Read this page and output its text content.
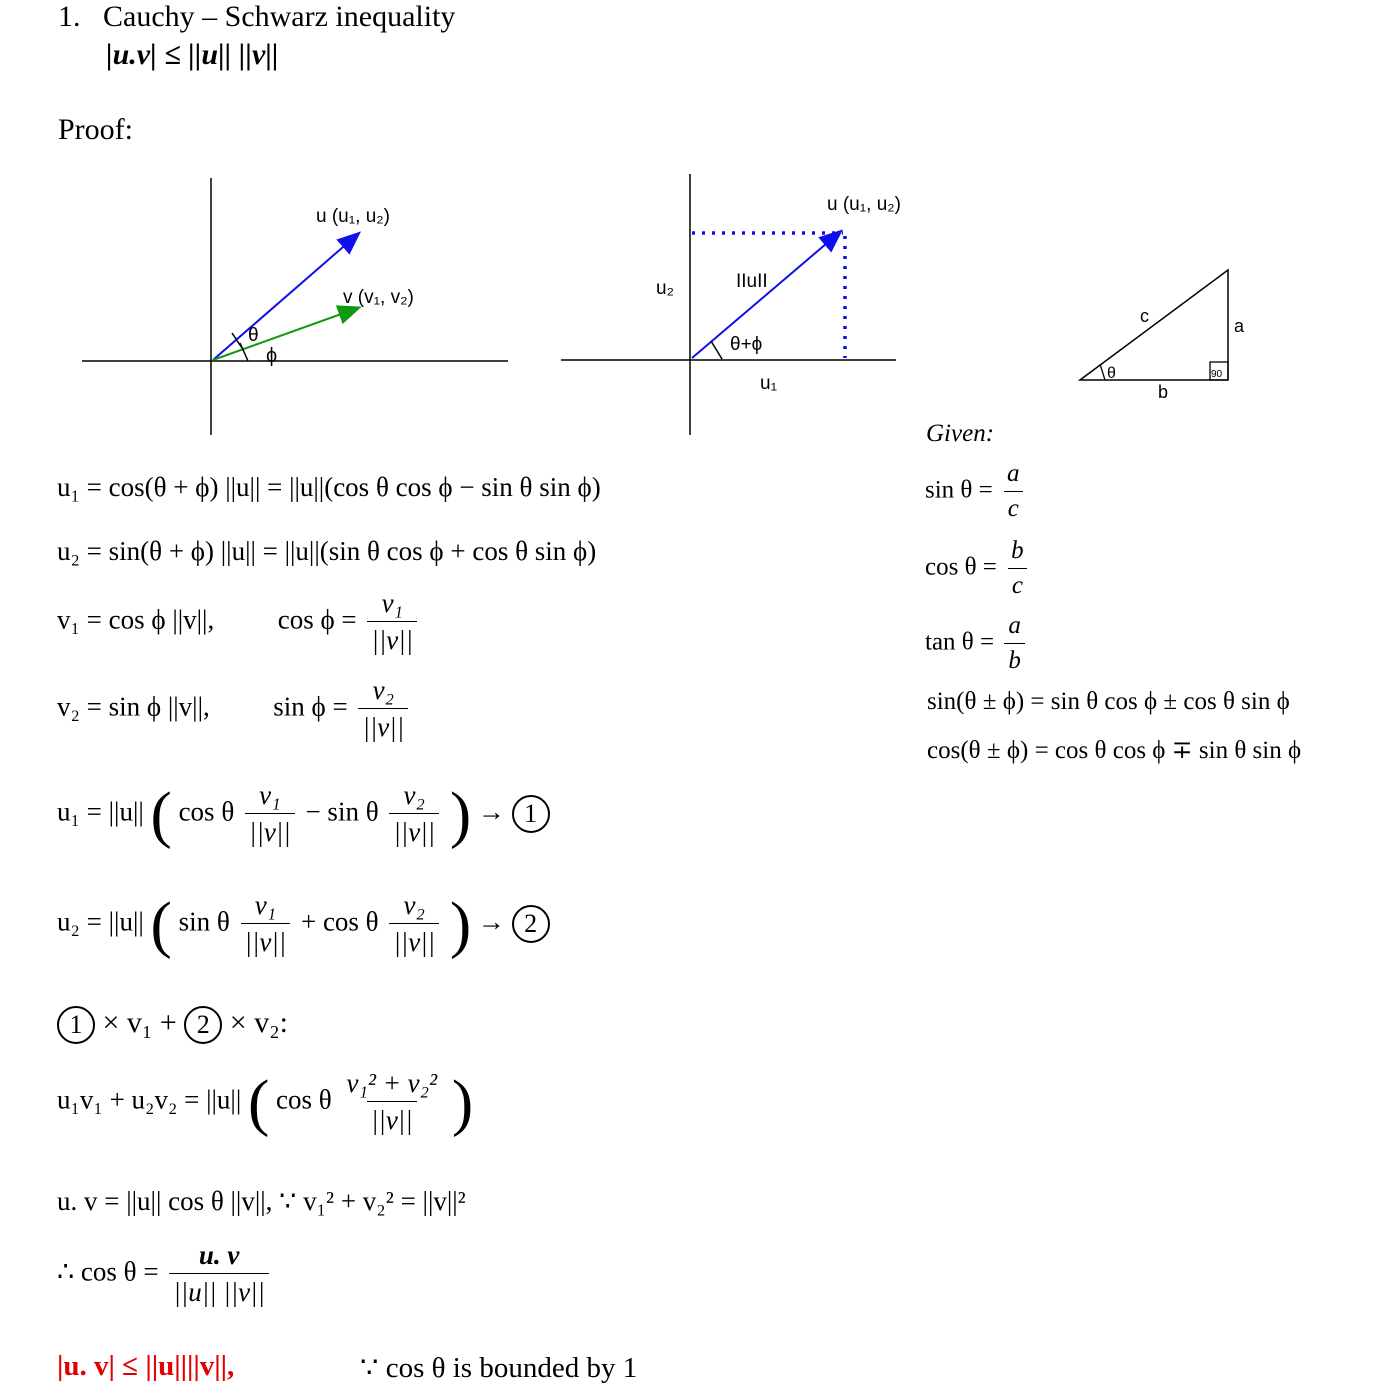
1. Cauchy – Schwarz inequality
|u.v| ≤ ||u|| ||v||
Proof:
u (u₁, u₂)
v (v₁, v₂)
θ
ϕ
u (u₁, u₂)
u₂	IIuII
θ+ϕ
u₁
c	a
b
θ	90
Given:
$\sin \theta = \frac{a}{c}$
$\cos \theta = \frac{b}{c}$
$\tan \theta = \frac{a}{b}$
sin(θ ± ϕ) = sin θ cos ϕ ± cos θ sin ϕ
cos(θ ± ϕ) = cos θ cos ϕ ∓ sin θ sin ϕ
u₁ = cos(θ + ϕ) ||u|| = ||u||(cos θ cos ϕ − sin θ sin ϕ)
u₂ = sin(θ + ϕ) ||u|| = ||u||(sin θ cos ϕ + cos θ sin ϕ)
v₁ = cos ϕ ||v||, $\cos \phi = \frac{\text{v₁}}{||v||}$
v₂ = sin ϕ ||v||, $\sin \phi = \frac{\text{v₂}}{||v||}$
u₁ = ||u|| ( cos θ $\frac{\text{v₁}}{||v||} - \sin \theta \frac{\text{v₂}}{||v||}$ ) → 1
u₂ = ||u|| ( sin θ $\frac{\text{v₁}}{||v||} + \cos \theta \frac{\text{v₂}}{||v||}$ ) → 2
1 × v₁ + 2 × v₂:
u₁v₁ + u₂v₂ = ||u|| ( cos θ $\frac{\text{v₁² + v₂²}}{||v||}$ )
u. v = ||u|| cos θ ||v||, ∵ v₁² + v₂² = ||v||²
∴ $\cos \theta = \frac{u. v}{||u|| ||v||}$
|u. v| ≤ ||u||||v||,	∵ cos θ is bounded by 1
